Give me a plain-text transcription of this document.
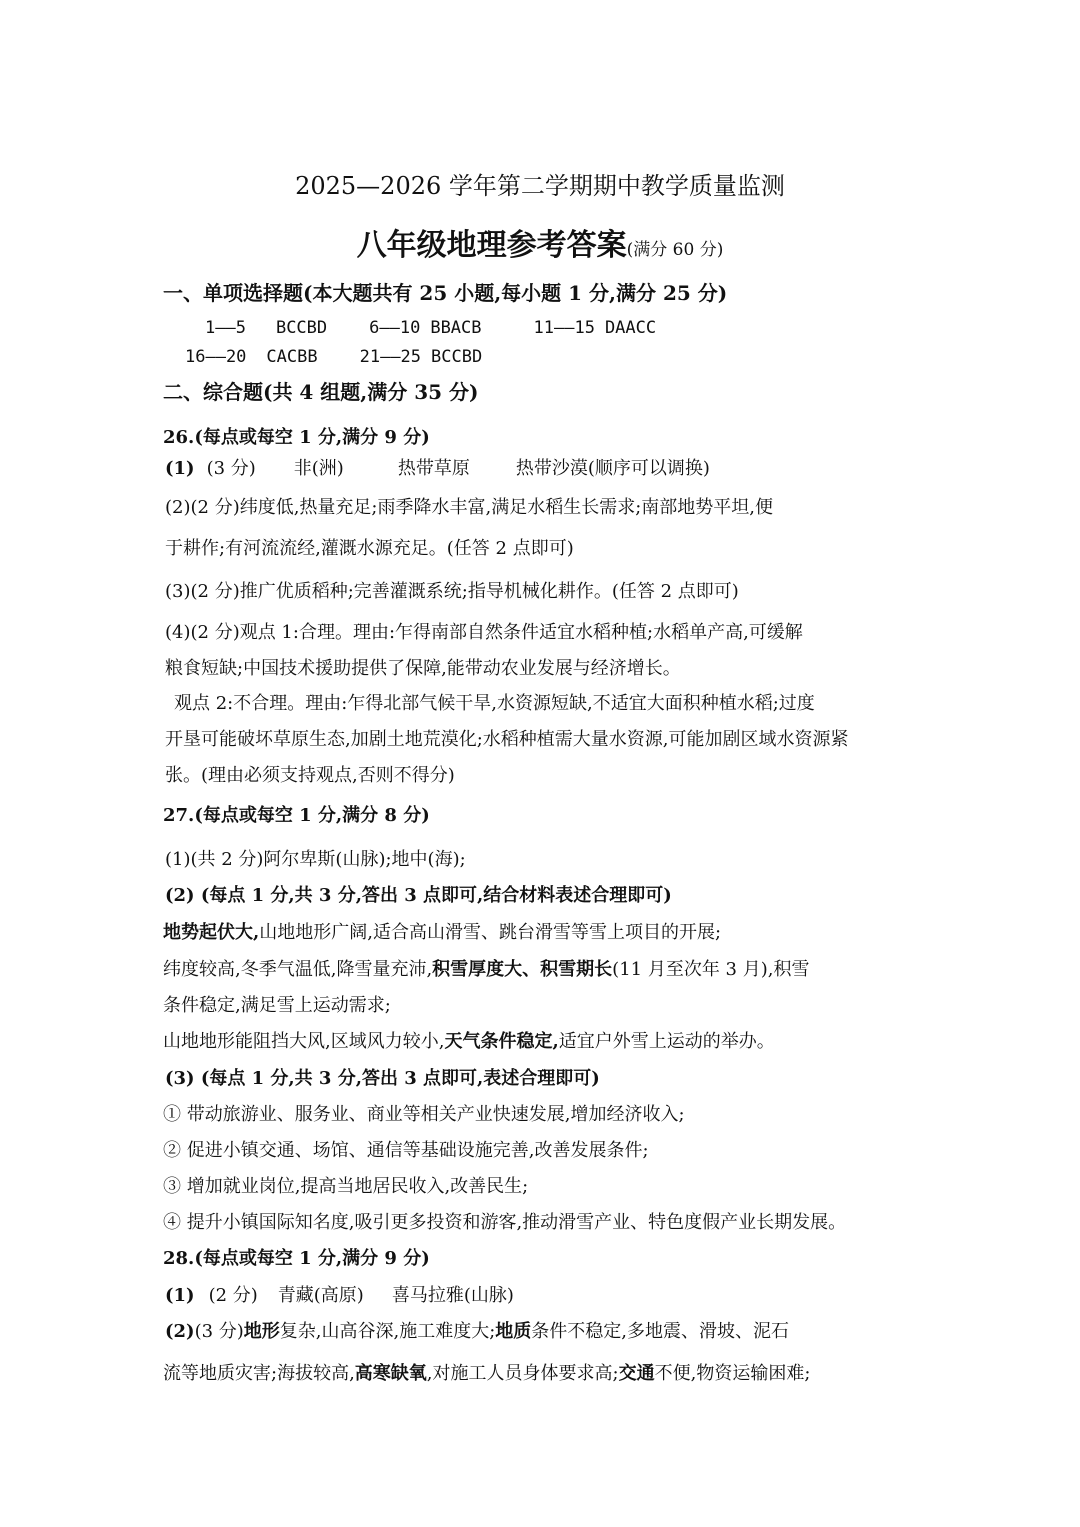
2025—2026 学年第二学期期中教学质量监测
八年级地理参考答案(满分 60 分)
一、单项选择题(本大题共有 25 小题,每小题 1 分,满分 25 分)
1——5 BCCBD 6——10 BBACB	11——15 DAACC
16——20 CACBB 21——25 BCCBD
二、综合题(共 4 组题,满分 35 分)
26.(每点或每空 1 分,满分 9 分)
(1) (3 分) 非(洲)	热带草原	热带沙漠(顺序可以调换)
(2)(2 分)纬度低,热量充足;雨季降水丰富,满足水稻生长需求;南部地势平坦,便
于耕作;有河流流经,灌溉水源充足。(任答 2 点即可)
(3)(2 分)推广优质稻种;完善灌溉系统;指导机械化耕作。(任答 2 点即可)
(4)(2 分)观点 1:合理。理由:乍得南部自然条件适宜水稻种植;水稻单产高,可缓解
粮食短缺;中国技术援助提供了保障,能带动农业发展与经济增长。
观点 2:不合理。理由:乍得北部气候干旱,水资源短缺,不适宜大面积种植水稻;过度
开垦可能破坏草原生态,加剧土地荒漠化;水稻种植需大量水资源,可能加剧区域水资源紧
张。(理由必须支持观点,否则不得分)
27.(每点或每空 1 分,满分 8 分)
(1)(共 2 分)阿尔卑斯(山脉);地中(海);
(2) (每点 1 分,共 3 分,答出 3 点即可,结合材料表述合理即可)
地势起伏大,山地地形广阔,适合高山滑雪、跳台滑雪等雪上项目的开展;
纬度较高,冬季气温低,降雪量充沛,积雪厚度大、积雪期长(11 月至次年 3 月),积雪
条件稳定,满足雪上运动需求;
山地地形能阻挡大风,区域风力较小,天气条件稳定,适宜户外雪上运动的举办。
(3) (每点 1 分,共 3 分,答出 3 点即可,表述合理即可)
① 带动旅游业、服务业、商业等相关产业快速发展,增加经济收入;
② 促进小镇交通、场馆、通信等基础设施完善,改善发展条件;
③ 增加就业岗位,提高当地居民收入,改善民生;
④ 提升小镇国际知名度,吸引更多投资和游客,推动滑雪产业、特色度假产业长期发展。
28.(每点或每空 1 分,满分 9 分)
(1) (2 分) 青藏(高原) 喜马拉雅(山脉)
(2)(3 分)地形复杂,山高谷深,施工难度大;地质条件不稳定,多地震、滑坡、泥石
流等地质灾害;海拔较高,高寒缺氧,对施工人员身体要求高;交通不便,物资运输困难;
